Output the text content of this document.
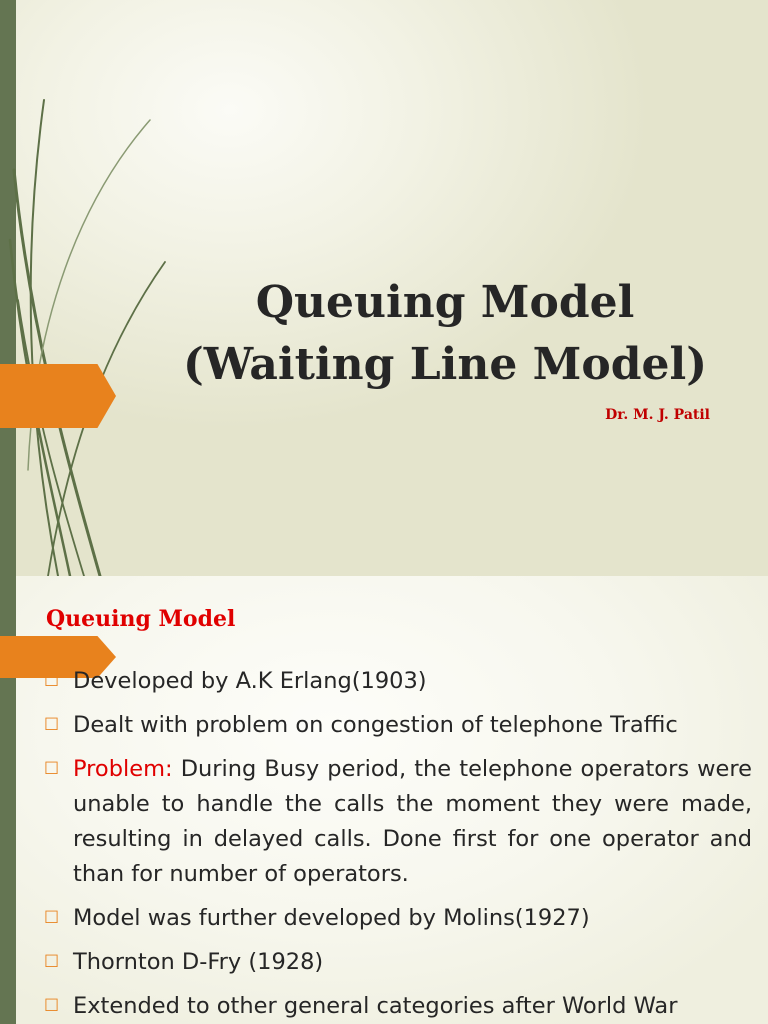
Queuing Model
(Waiting Line Model)
Dr. M. J. Patil
Queuing Model
□ Developed by A.K Erlang(1903)
□ Dealt with problem on congestion of telephone Traffic
□ Problem: During Busy period, the telephone operators were unable to handle the calls the moment they were made, resulting in delayed calls. Done first for one operator and than for number of operators.
□ Model was further developed by Molins(1927)
□ Thornton D-Fry (1928)
□ Extended to other general categories after World War
